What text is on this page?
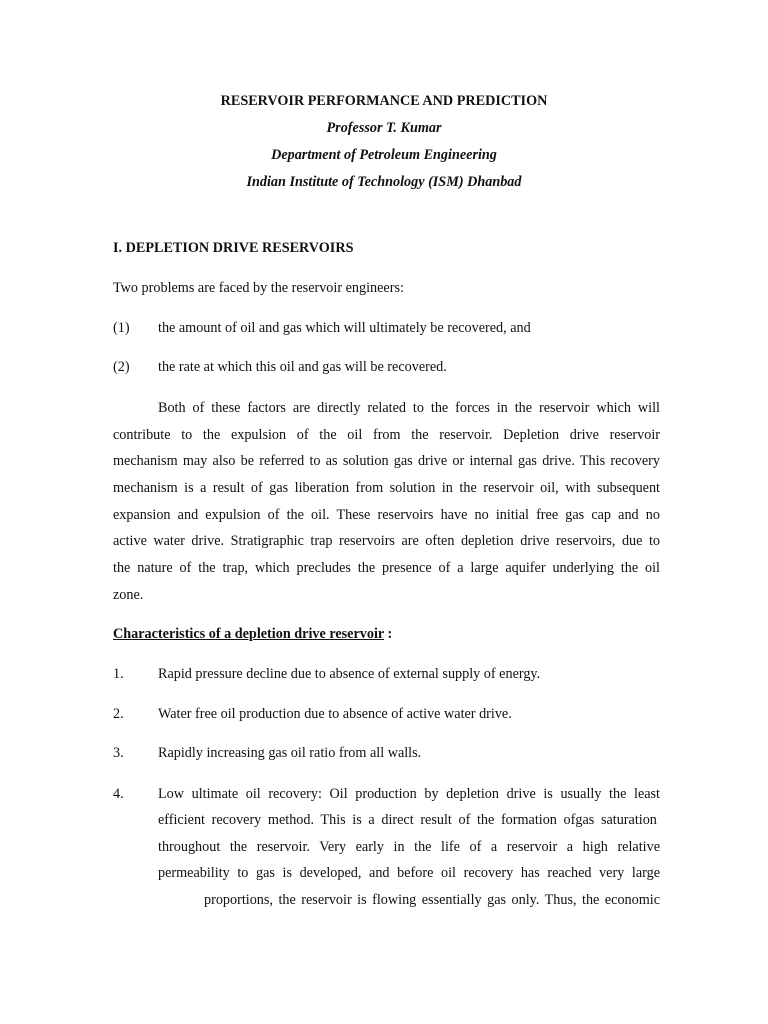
RESERVOIR PERFORMANCE AND PREDICTION
Professor T. Kumar
Department of Petroleum Engineering
Indian Institute of Technology (ISM) Dhanbad
I. DEPLETION DRIVE RESERVOIRS
Two problems are faced by the reservoir engineers:
(1) the amount of oil and gas which will ultimately be recovered, and
(2) the rate at which this oil and gas will be recovered.
Both of these factors are directly related to the forces in the reservoir which will
contribute to the expulsion of the oil from the reservoir. Depletion drive reservoir
mechanism may also be referred to as solution gas drive or internal gas drive. This recovery
mechanism is a result of gas liberation from solution in the reservoir oil, with subsequent
expansion and expulsion of the oil. These reservoirs have no initial free gas cap and no
active water drive. Stratigraphic trap reservoirs are often depletion drive reservoirs, due to
the nature of the trap, which precludes the presence of a large aquifer underlying the oil
zone.
Characteristics of a depletion drive reservoir :
1. Rapid pressure decline due to absence of external supply of energy.
2. Water free oil production due to absence of active water drive.
3. Rapidly increasing gas oil ratio from all walls.
4. Low ultimate oil recovery: Oil production by depletion drive is usually the least
efficient recovery method. This is a direct result of the formation ofgas saturation
throughout the reservoir. Very early in the life of a reservoir a high relative
permeability to gas is developed, and before oil recovery has reached very large
proportions, the reservoir is flowing essentially gas only. Thus, the economic
